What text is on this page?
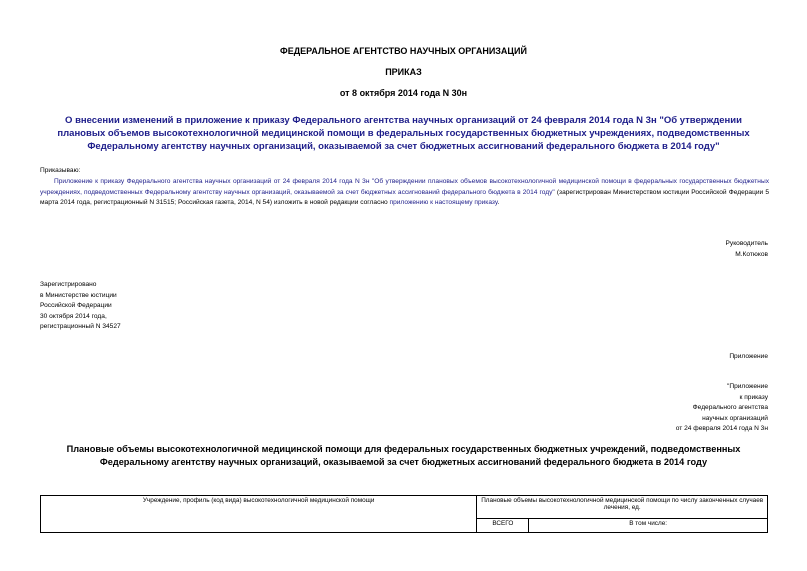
ФЕДЕРАЛЬНОЕ АГЕНТСТВО НАУЧНЫХ ОРГАНИЗАЦИЙ
ПРИКАЗ
от 8 октября 2014 года N 30н
О внесении изменений в приложение к приказу Федерального агентства научных организаций от 24 февраля 2014 года N 3н "Об утверждении плановых объемов высокотехнологичной медицинской помощи в федеральных государственных бюджетных учреждениях, подведомственных Федеральному агентству научных организаций, оказываемой за счет бюджетных ассигнований федерального бюджета в 2014 году"
Приказываю:
Приложение к приказу Федерального агентства научных организаций от 24 февраля 2014 года N 3н "Об утверждении плановых объемов высокотехнологичной медицинской помощи в федеральных государственных бюджетных учреждениях, подведомственных Федеральному агентству научных организаций, оказываемой за счет бюджетных ассигнований федерального бюджета в 2014 году" (зарегистрирован Министерством юстиции Российской Федерации 5 марта 2014 года, регистрационный N 31515; Российская газета, 2014, N 54) изложить в новой редакции согласно приложению к настоящему приказу.
Руководитель
М.Котюков
Зарегистрировано
в Министерстве юстиции
Российской Федерации
30 октября 2014 года,
регистрационный N 34527
Приложение
"Приложение
к приказу
Федерального агентства
научных организаций
от 24 февраля 2014 года N 3н
Плановые объемы высокотехнологичной медицинской помощи для федеральных государственных бюджетных учреждений, подведомственных Федеральному агентству научных организаций, оказываемой за счет бюджетных ассигнований федерального бюджета в 2014 году
Учреждение, профиль (код вида) высокотехнологичной медицинской помощи	Плановые объемы высокотехнологичной медицинской помощи по числу законченных случаев лечения, ед.	
	ВСЕГО	В том числе:
